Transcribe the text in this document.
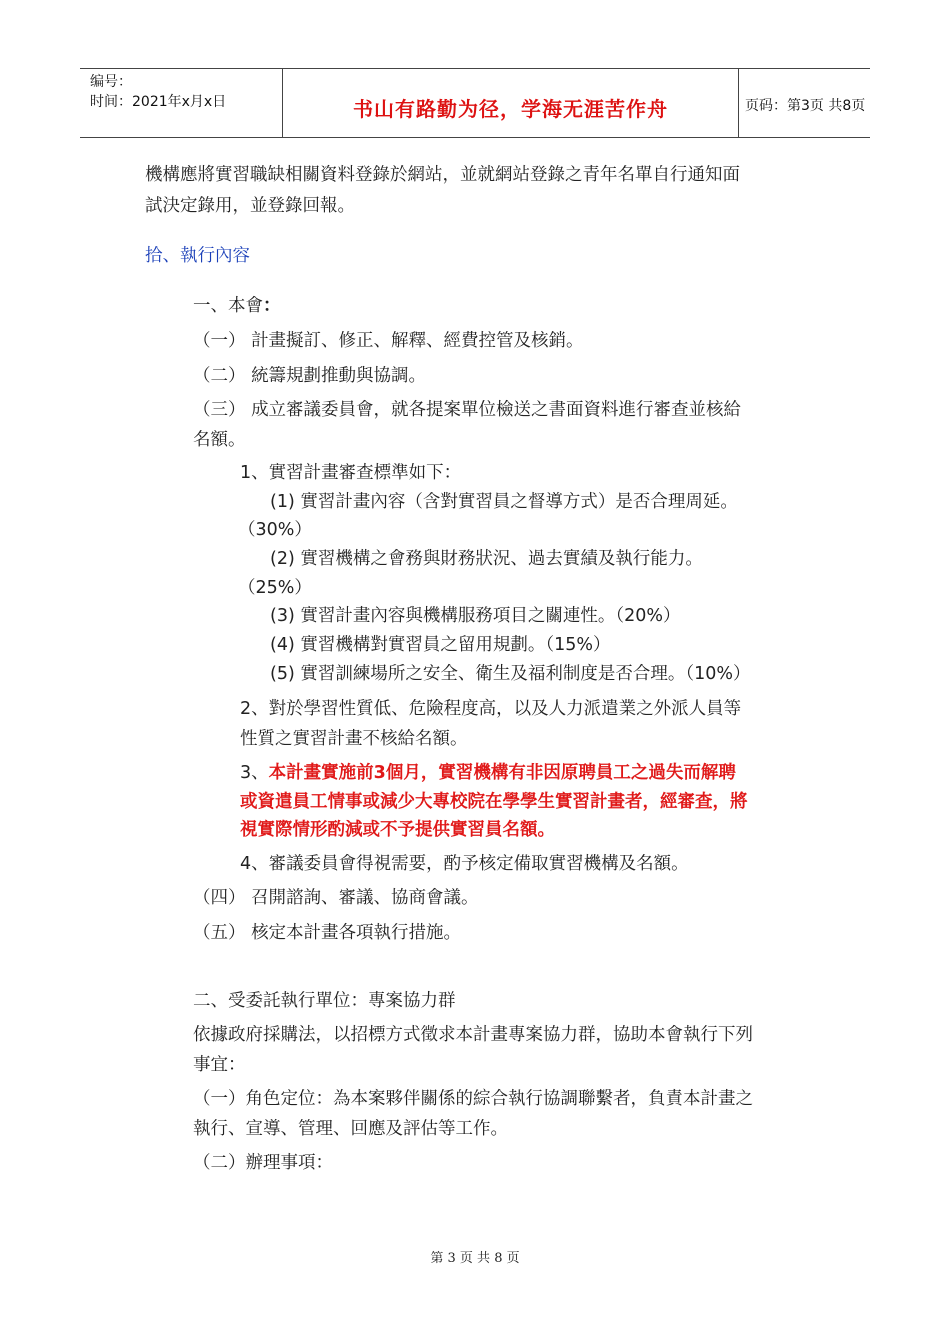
编号：
时间：2021年x月x日	书山有路勤为径，学海无涯苦作舟	页码：第3页 共8页
機構應將實習職缺相關資料登錄於網站，並就網站登錄之青年名單自行通知面
試決定錄用，並登錄回報。
拾、執行內容
一、本會：
（一） 計畫擬訂、修正、解釋、經費控管及核銷。
（二） 統籌規劃推動與協調。
（三） 成立審議委員會，就各提案單位檢送之書面資料進行審查並核給
名額。
1、實習計畫審查標準如下：
(1) 實習計畫內容（含對實習員之督導方式）是否合理周延。
（30%）
(2) 實習機構之會務與財務狀況、過去實績及執行能力。
（25%）
(3) 實習計畫內容與機構服務項目之關連性。（20%）
(4) 實習機構對實習員之留用規劃。（15%）
(5) 實習訓練場所之安全、衛生及福利制度是否合理。（10%）
2、對於學習性質低、危險程度高，以及人力派遣業之外派人員等
性質之實習計畫不核給名額。
3、本計畫實施前3個月，實習機構有非因原聘員工之過失而解聘
或資遣員工情事或減少大專校院在學學生實習計畫者，經審查，將
視實際情形酌減或不予提供實習員名額。
4、審議委員會得視需要，酌予核定備取實習機構及名額。
（四） 召開諮詢、審議、協商會議。
（五） 核定本計畫各項執行措施。
二、受委託執行單位：專案協力群
依據政府採購法，以招標方式徵求本計畫專案協力群，協助本會執行下列
事宜：
（一）角色定位：為本案夥伴關係的綜合執行協調聯繫者，負責本計畫之
執行、宣導、管理、回應及評估等工作。
（二）辦理事項：
第 3 页 共 8 页
